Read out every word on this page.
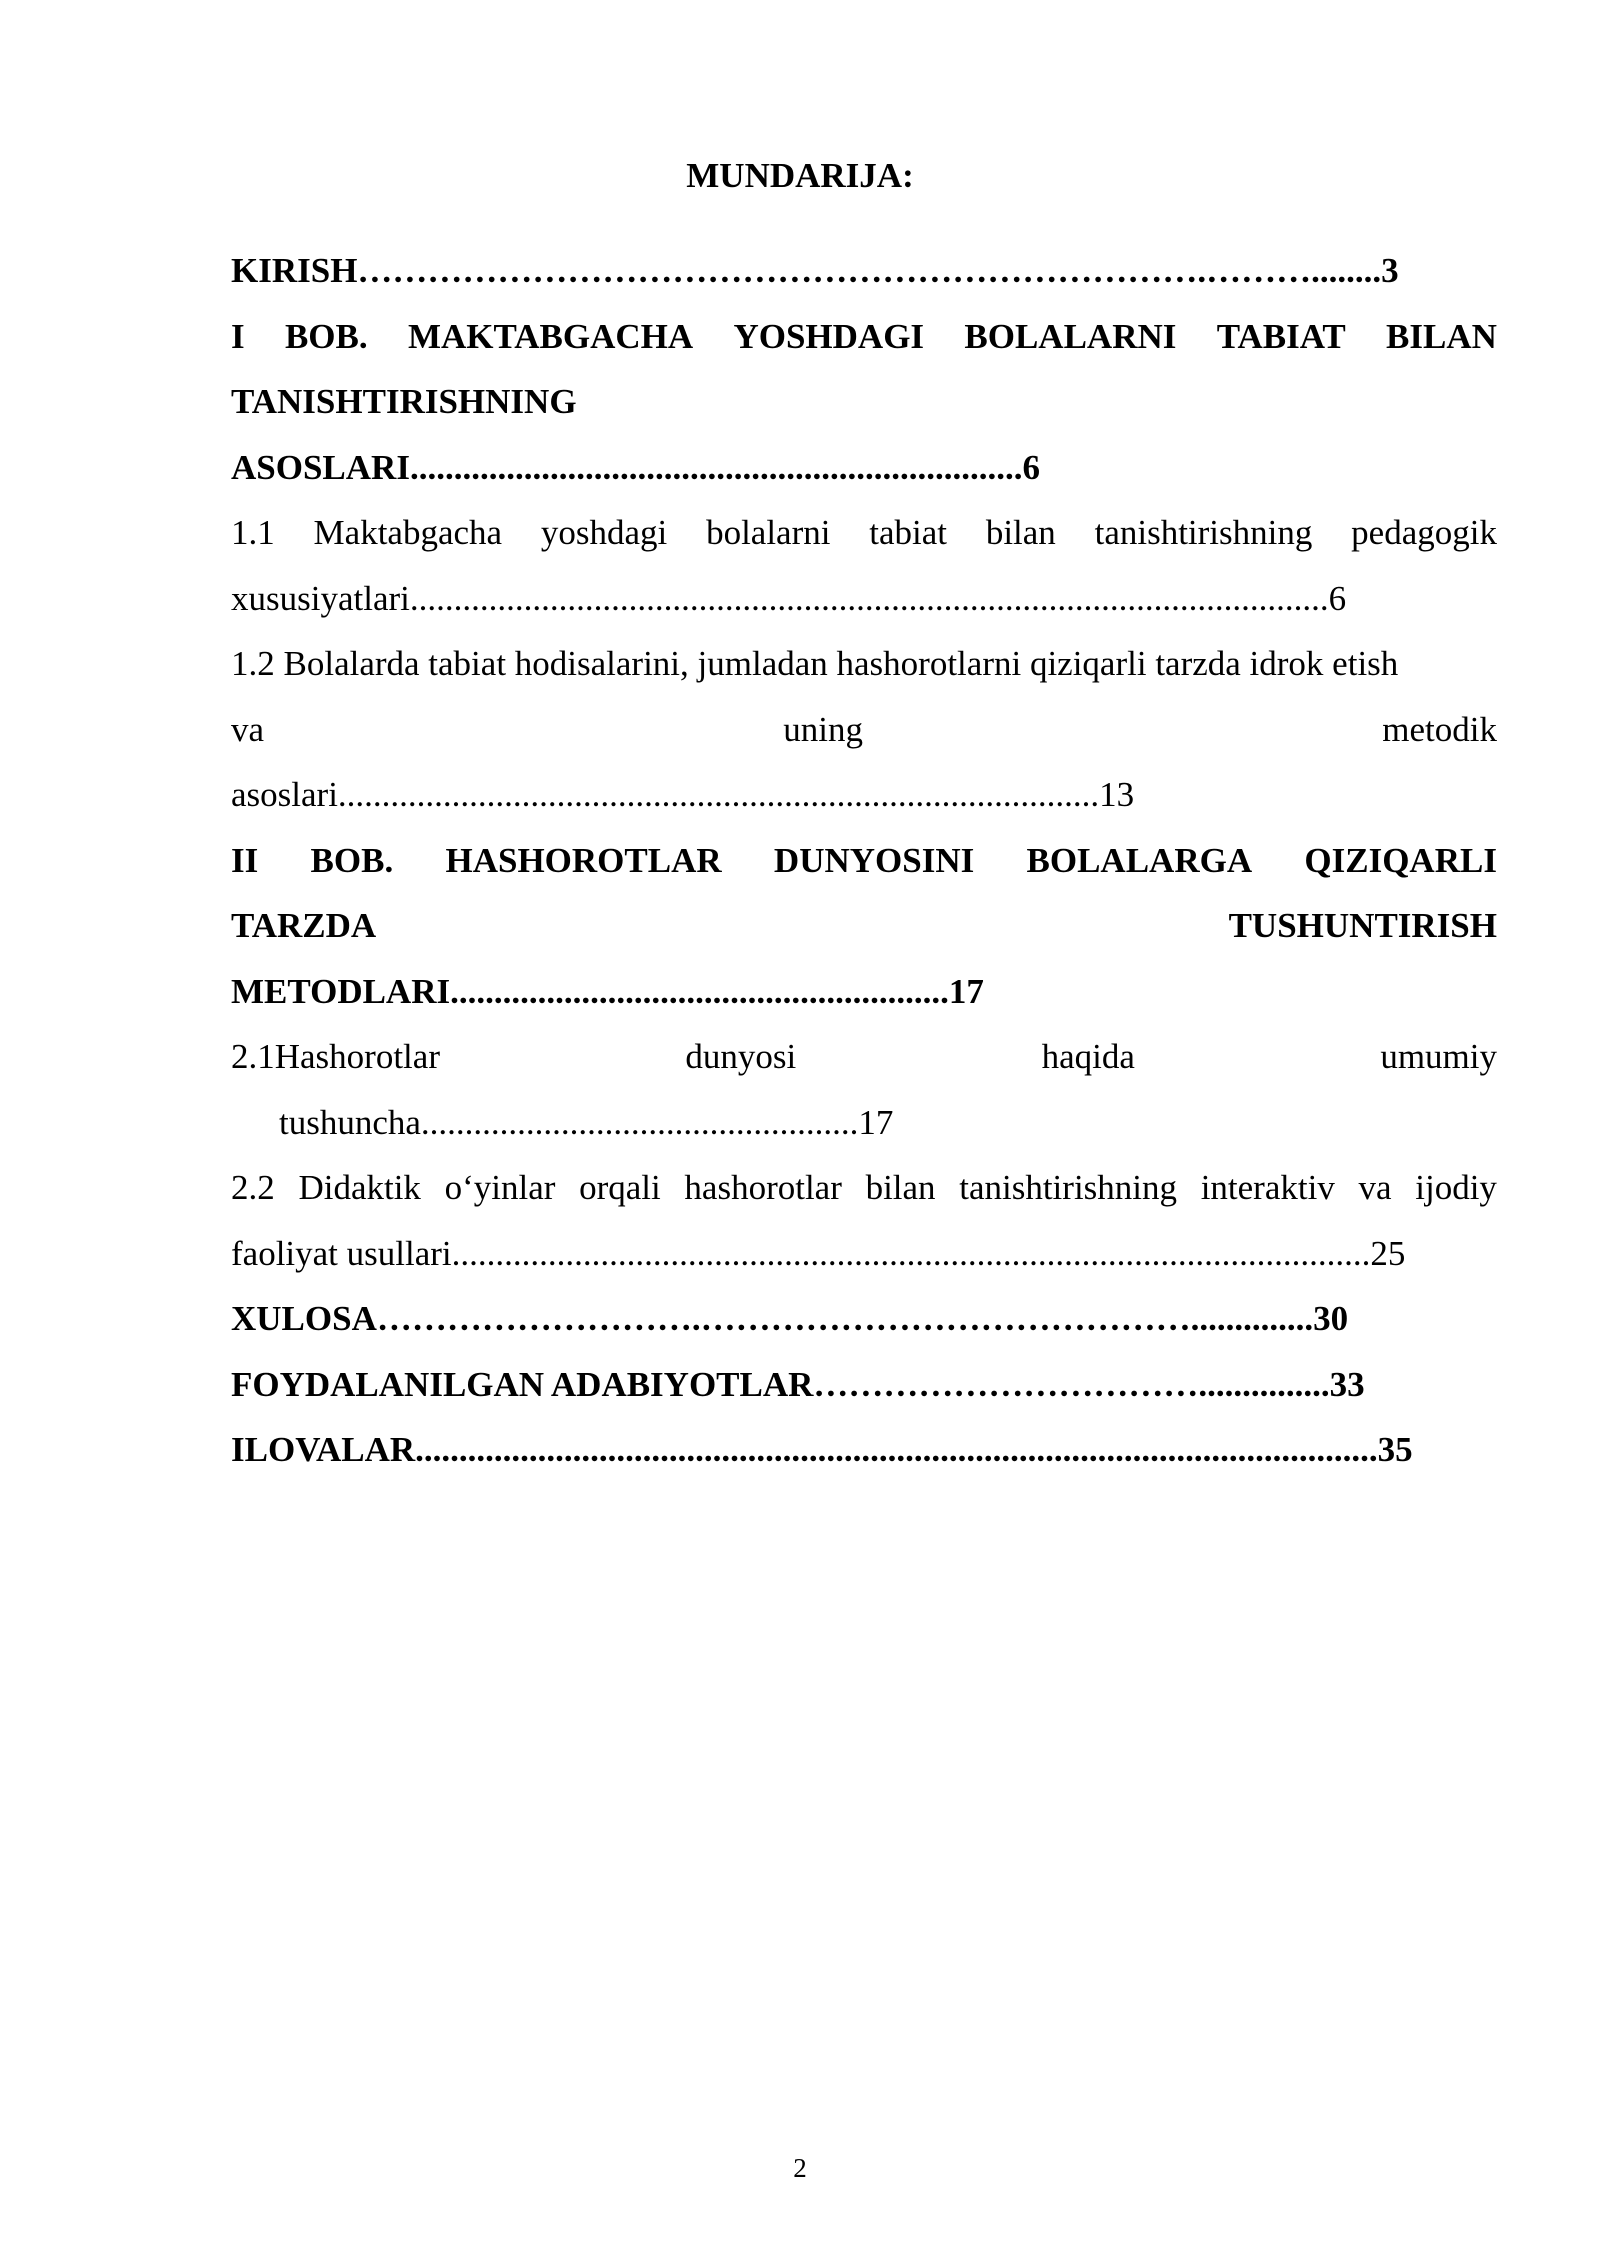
MUNDARIJA:
KIRISH……………………………………………………………….………........3
I BOB. MAKTABGACHA YOSHDAGI BOLALARNI TABIAT BILAN
TANISHTIRISHNING
ASOSLARI......................................................................6
1.1 Maktabgacha yoshdagi bolalarni tabiat bilan tanishtirishning pedagogik
xususiyatlari.........................................................................................................6
1.2 Bolalarda tabiat hodisalarini, jumladan hashorotlarni qiziqarli tarzda idrok etish
va	uning	metodik
asoslari.......................................................................................13
II BOB. HASHOROTLAR DUNYOSINI BOLALARGA QIZIQARLI
TARZDA	TUSHUNTIRISH
METODLARI.........................................................17
2.1Hashorotlar	dunyosi	haqida	umumiy
tushuncha..................................................17
2.2 Didaktik o‘yinlar orqali hashorotlar bilan tanishtirishning interaktiv va ijodiy
faoliyat usullari.........................................................................................................25
XULOSA……………………….……………………………………..............30
FOYDALANILGAN ADABIYOTLAR……………………………...............33
ILOVALAR..............................................................................................................35
2
